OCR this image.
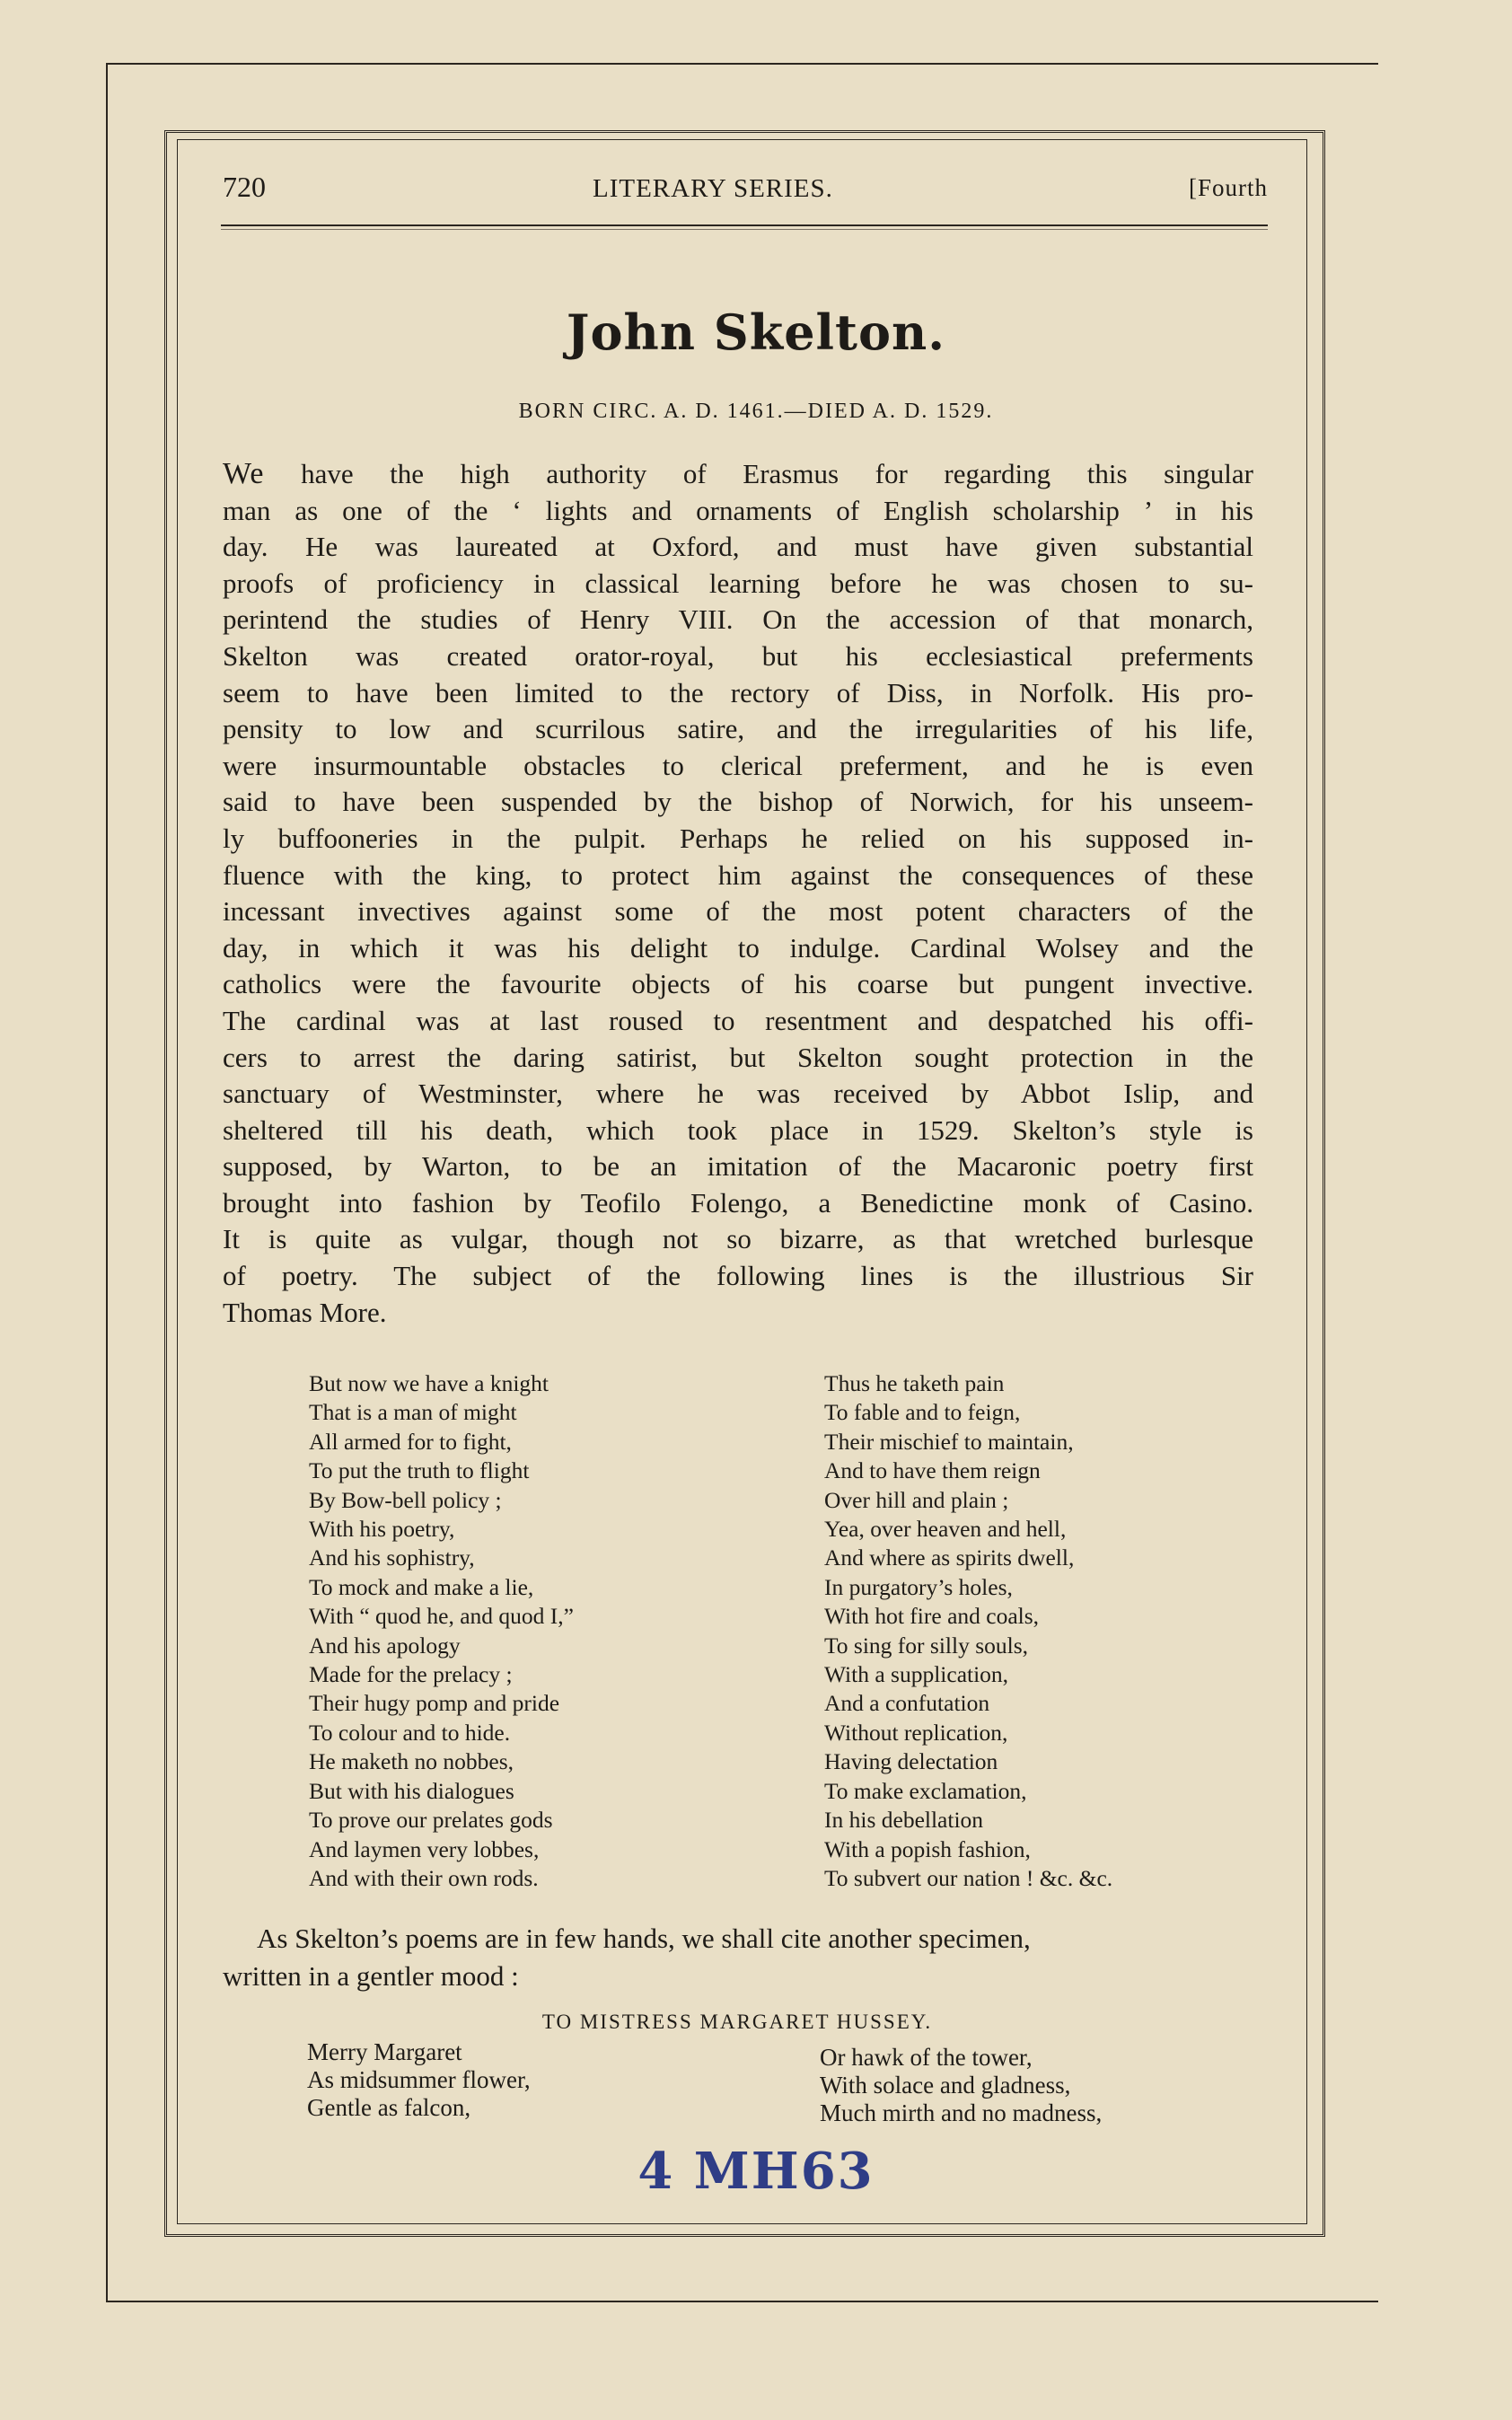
720	LITERARY SERIES.	[Fourth
John Skelton.
BORN CIRC. A. D. 1461.—DIED A. D. 1529.
We have the high authority of Erasmus for regarding this singular
man as one of the ‘ lights and ornaments of English scholarship ’ in his
day. He was laureated at Oxford, and must have given substantial
proofs of proficiency in classical learning before he was chosen to su-
perintend the studies of Henry VIII. On the accession of that monarch,
Skelton was created orator-royal, but his ecclesiastical preferments
seem to have been limited to the rectory of Diss, in Norfolk. His pro-
pensity to low and scurrilous satire, and the irregularities of his life,
were insurmountable obstacles to clerical preferment, and he is even
said to have been suspended by the bishop of Norwich, for his unseem-
ly buffooneries in the pulpit. Perhaps he relied on his supposed in-
fluence with the king, to protect him against the consequences of these
incessant invectives against some of the most potent characters of the
day, in which it was his delight to indulge. Cardinal Wolsey and the
catholics were the favourite objects of his coarse but pungent invective.
The cardinal was at last roused to resentment and despatched his offi-
cers to arrest the daring satirist, but Skelton sought protection in the
sanctuary of Westminster, where he was received by Abbot Islip, and
sheltered till his death, which took place in 1529. Skelton’s style is
supposed, by Warton, to be an imitation of the Macaronic poetry first
brought into fashion by Teofilo Folengo, a Benedictine monk of Casino.
It is quite as vulgar, though not so bizarre, as that wretched burlesque
of poetry. The subject of the following lines is the illustrious Sir
Thomas More.
But now we have a knight
That is a man of might
All armed for to fight,
To put the truth to flight
By Bow-bell policy ;
With his poetry,
And his sophistry,
To mock and make a lie,
With “ quod he, and quod I,”
And his apology
Made for the prelacy ;
Their hugy pomp and pride
To colour and to hide.
He maketh no nobbes,
But with his dialogues
To prove our prelates gods
And laymen very lobbes,
And with their own rods.
Thus he taketh pain
To fable and to feign,
Their mischief to maintain,
And to have them reign
Over hill and plain ;
Yea, over heaven and hell,
And where as spirits dwell,
In purgatory’s holes,
With hot fire and coals,
To sing for silly souls,
With a supplication,
And a confutation
Without replication,
Having delectation
To make exclamation,
In his debellation
With a popish fashion,
To subvert our nation ! &c. &c.
As Skelton’s poems are in few hands, we shall cite another specimen,
written in a gentler mood :
TO MISTRESS MARGARET HUSSEY.
Merry Margaret
As midsummer flower,
Gentle as falcon,
Or hawk of the tower,
With solace and gladness,
Much mirth and no madness,
4 MH63
